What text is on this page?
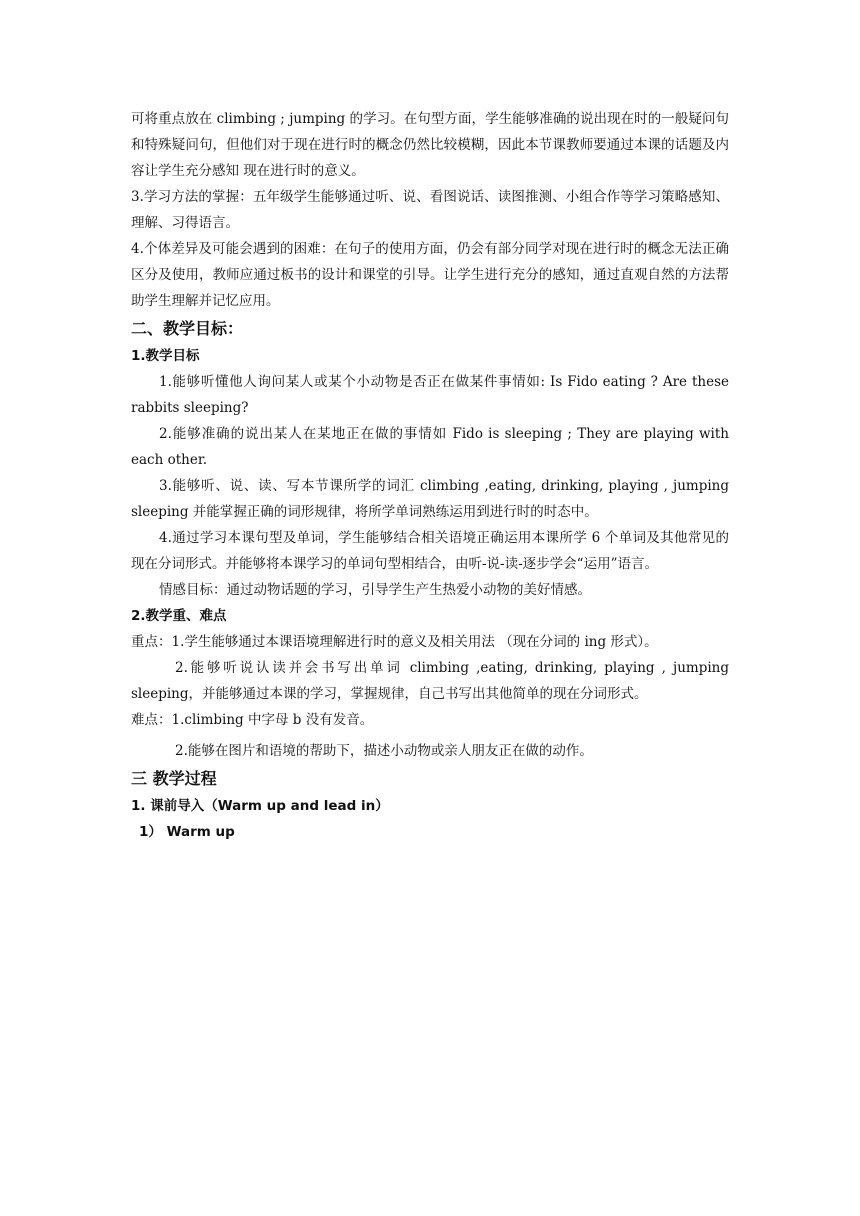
可将重点放在 climbing ; jumping 的学习。在句型方面，学生能够准确的说出现在时的一般疑问句和特殊疑问句，但他们对于现在进行时的概念仍然比较模糊，因此本节课教师要通过本课的话题及内容让学生充分感知 现在进行时的意义。

3.学习方法的掌握：五年级学生能够通过听、说、看图说话、读图推测、小组合作等学习策略感知、理解、习得语言。

4.个体差异及可能会遇到的困难：在句子的使用方面，仍会有部分同学对现在进行时的概念无法正确区分及使用，教师应通过板书的设计和课堂的引导。让学生进行充分的感知，通过直观自然的方法帮助学生理解并记忆应用。

二、教学目标：
1.教学目标

1.能够听懂他人询问某人或某个小动物是否正在做某件事情如: Is Fido eating ? Are these rabbits sleeping?

2.能够准确的说出某人在某地正在做的事情如 Fido is sleeping ; They are playing with each other.

3.能够听、说、读、写本节课所学的词汇 climbing ,eating, drinking, playing , jumping sleeping 并能掌握正确的词形规律，将所学单词熟练运用到进行时的时态中。

4.通过学习本课句型及单词，学生能够结合相关语境正确运用本课所学 6 个单词及其他常见的现在分词形式。并能够将本课学习的单词句型相结合，由听-说-读-逐步学会“运用”语言。

情感目标：通过动物话题的学习，引导学生产生热爱小动物的美好情感。

2.教学重、难点

重点：1.学生能够通过本课语境理解进行时的意义及相关用法 （现在分词的 ing 形式）。

2.能够听说认读并会书写出单词 climbing ,eating, drinking, playing , jumping sleeping，并能够通过本课的学习，掌握规律，自己书写出其他简单的现在分词形式。

难点：1.climbing 中字母 b 没有发音。

2.能够在图片和语境的帮助下，描述小动物或亲人朋友正在做的动作。

三 教学过程
1. 课前导入（Warm up and lead in）
1） Warm up
